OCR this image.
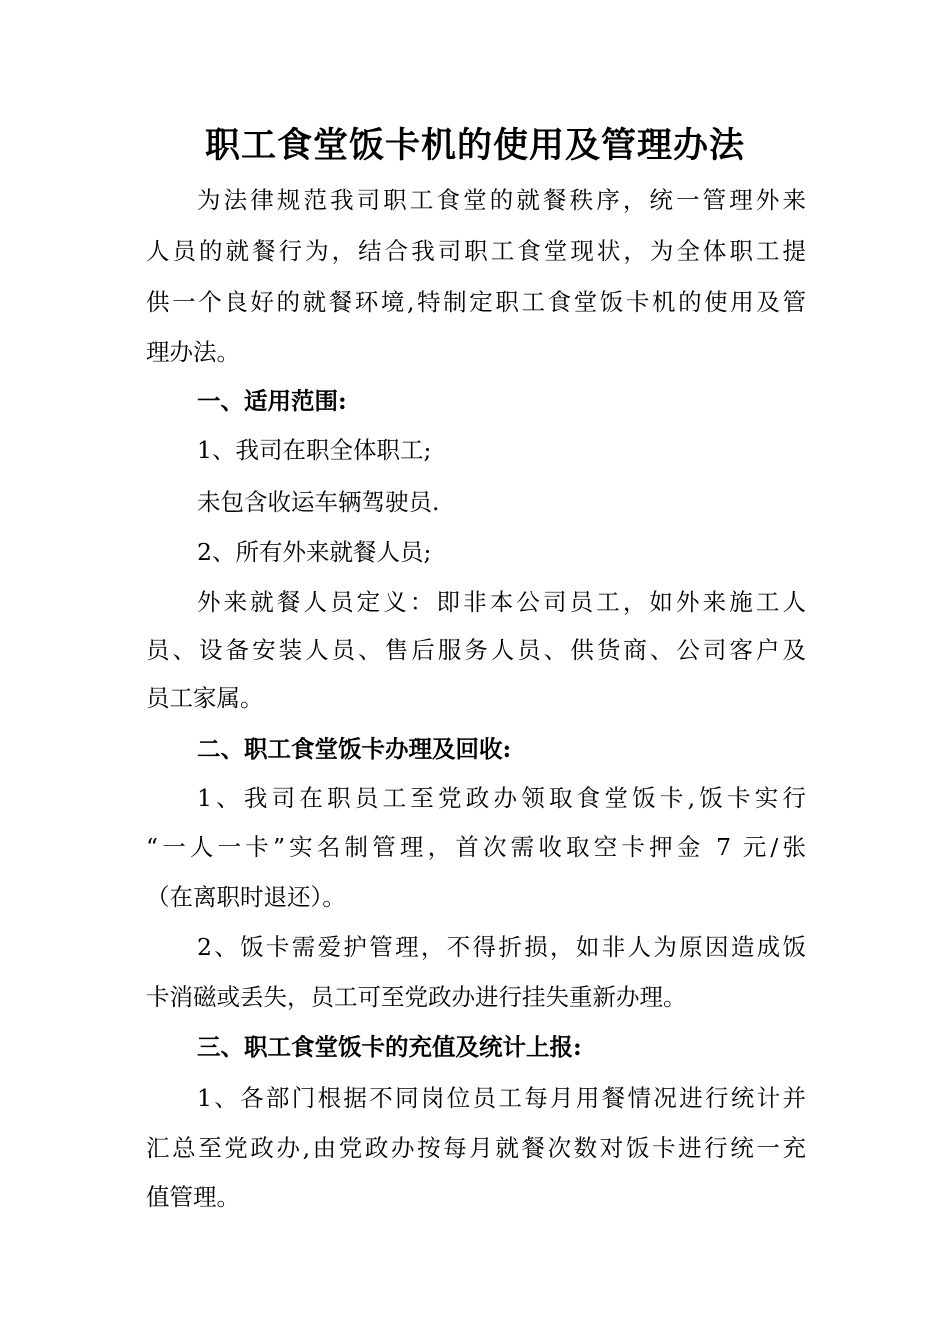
职工食堂饭卡机的使用及管理办法
为法律规范我司职工食堂的就餐秩序，统一管理外来
人员的就餐行为，结合我司职工食堂现状，为全体职工提
供一个良好的就餐环境,特制定职工食堂饭卡机的使用及管
理办法。
一、适用范围:
1、我司在职全体职工;
未包含收运车辆驾驶员.
2、所有外来就餐人员;
外来就餐人员定义：即非本公司员工，如外来施工人
员、设备安装人员、售后服务人员、供货商、公司客户及
员工家属。
二、职工食堂饭卡办理及回收:
1、我司在职员工至党政办领取食堂饭卡,饭卡实行
“一人一卡”实名制管理，首次需收取空卡押金 7 元/张
（在离职时退还）。
2、饭卡需爱护管理，不得折损，如非人为原因造成饭
卡消磁或丢失，员工可至党政办进行挂失重新办理。
三、职工食堂饭卡的充值及统计上报:
1、各部门根据不同岗位员工每月用餐情况进行统计并
汇总至党政办,由党政办按每月就餐次数对饭卡进行统一充
值管理。
